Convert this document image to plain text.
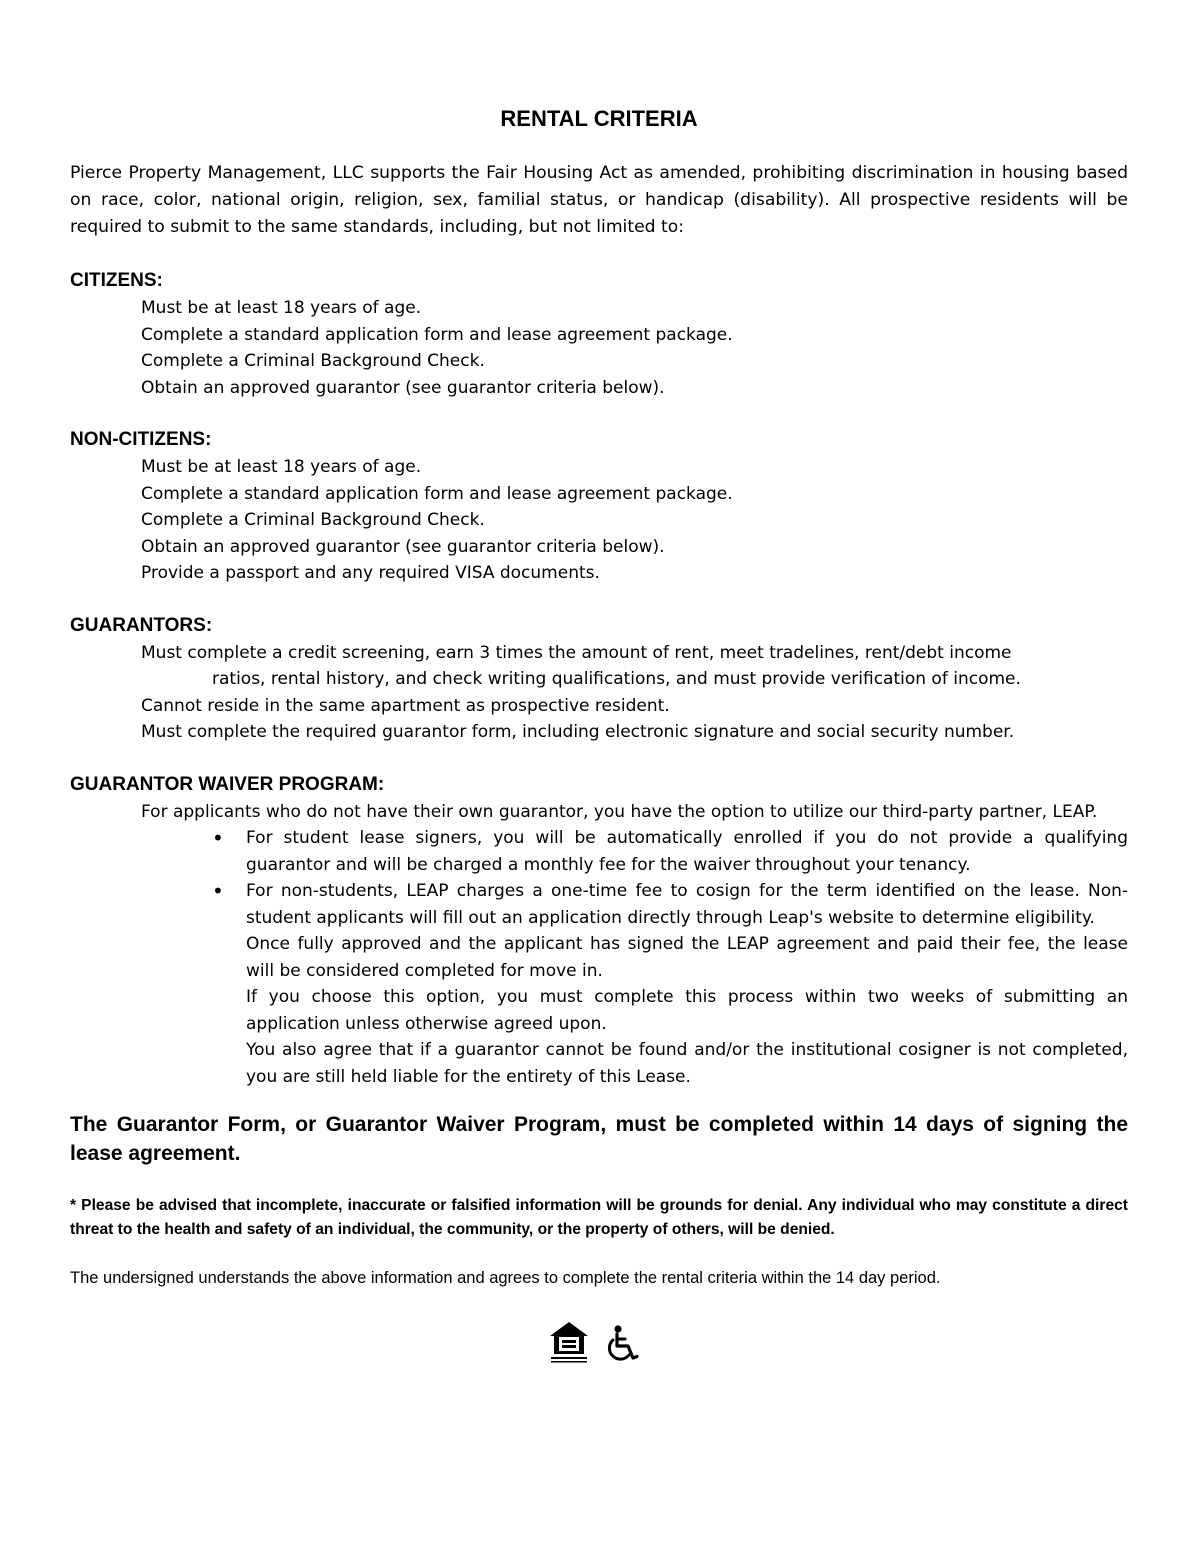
RENTAL CRITERIA

Pierce Property Management, LLC supports the Fair Housing Act as amended, prohibiting discrimination in housing based on race, color, national origin, religion, sex, familial status, or handicap (disability). All prospective residents will be required to submit to the same standards, including, but not limited to:

CITIZENS:
Must be at least 18 years of age.
Complete a standard application form and lease agreement package.
Complete a Criminal Background Check.
Obtain an approved guarantor (see guarantor criteria below).
NON-CITIZENS:
Must be at least 18 years of age.
Complete a standard application form and lease agreement package.
Complete a Criminal Background Check.
Obtain an approved guarantor (see guarantor criteria below).
Provide a passport and any required VISA documents.
GUARANTORS:
Must complete a credit screening, earn 3 times the amount of rent, meet tradelines, rent/debt income
ratios, rental history, and check writing qualifications, and must provide verification of income.
Cannot reside in the same apartment as prospective resident.
Must complete the required guarantor form, including electronic signature and social security number.
GUARANTOR WAIVER PROGRAM:
For applicants who do not have their own guarantor, you have the option to utilize our third-party partner, LEAP.
• For student lease signers, you will be automatically enrolled if you do not provide a qualifying guarantor and will be charged a monthly fee for the waiver throughout your tenancy.
• For non-students, LEAP charges a one-time fee to cosign for the term identified on the lease. Non-student applicants will fill out an application directly through Leap's website to determine eligibility.
Once fully approved and the applicant has signed the LEAP agreement and paid their fee, the lease will be considered completed for move in.
If you choose this option, you must complete this process within two weeks of submitting an application unless otherwise agreed upon.
You also agree that if a guarantor cannot be found and/or the institutional cosigner is not completed, you are still held liable for the entirety of this Lease.

The Guarantor Form, or Guarantor Waiver Program, must be completed within 14 days of signing the lease agreement.

* Please be advised that incomplete, inaccurate or falsified information will be grounds for denial. Any individual who may constitute a direct threat to the health and safety of an individual, the community, or the property of others, will be denied.

The undersigned understands the above information and agrees to complete the rental criteria within the 14 day period.
